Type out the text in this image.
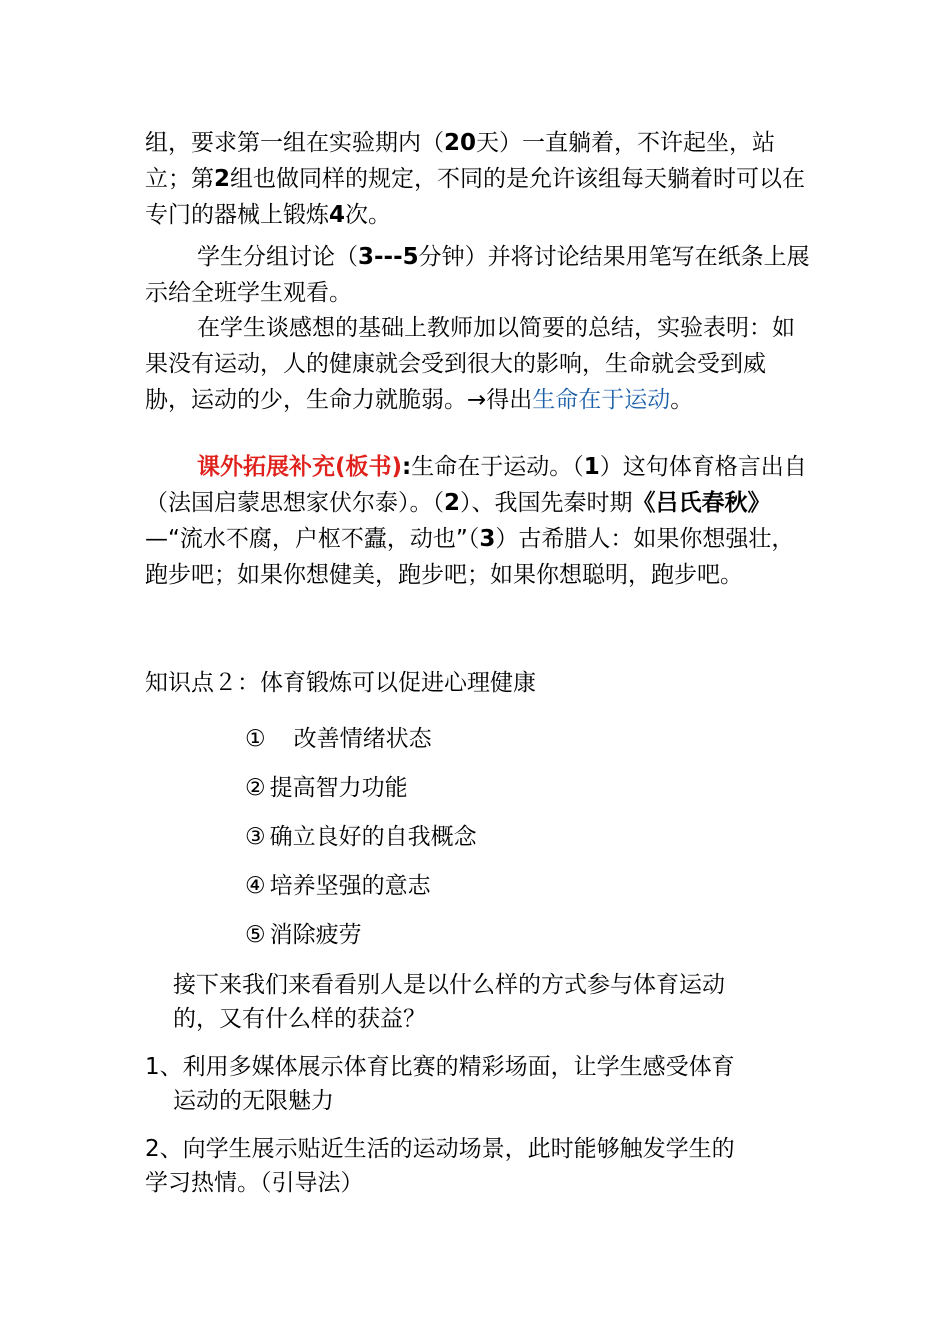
组，要求第一组在实验期内（20天）一直躺着，不许起坐，站立；第2组也做同样的规定，不同的是允许该组每天躺着时可以在专门的器械上锻炼4次。

学生分组讨论（3---5分钟）并将讨论结果用笔写在纸条上展示给全班学生观看。

在学生谈感想的基础上教师加以简要的总结，实验表明：如果没有运动，人的健康就会受到很大的影响，生命就会受到威胁，运动的少，生命力就脆弱。→得出生命在于运动。

课外拓展补充(板书):生命在于运动。（1）这句体育格言出自（法国启蒙思想家伏尔泰）。（2）、我国先秦时期《吕氏春秋》—“流水不腐，户枢不蠹，动也”（3）古希腊人：如果你想强壮，跑步吧；如果你想健美，跑步吧；如果你想聪明，跑步吧。

知识点２：体育锻炼可以促进心理健康

① 改善情绪状态

② 提高智力功能

③ 确立良好的自我概念

④ 培养坚强的意志

⑤ 消除疲劳

接下来我们来看看别人是以什么样的方式参与体育运动

的，又有什么样的获益？

1、利用多媒体展示体育比赛的精彩场面，让学生感受体育

运动的无限魅力

2、向学生展示贴近生活的运动场景，此时能够触发学生的

学习热情。（引导法）
